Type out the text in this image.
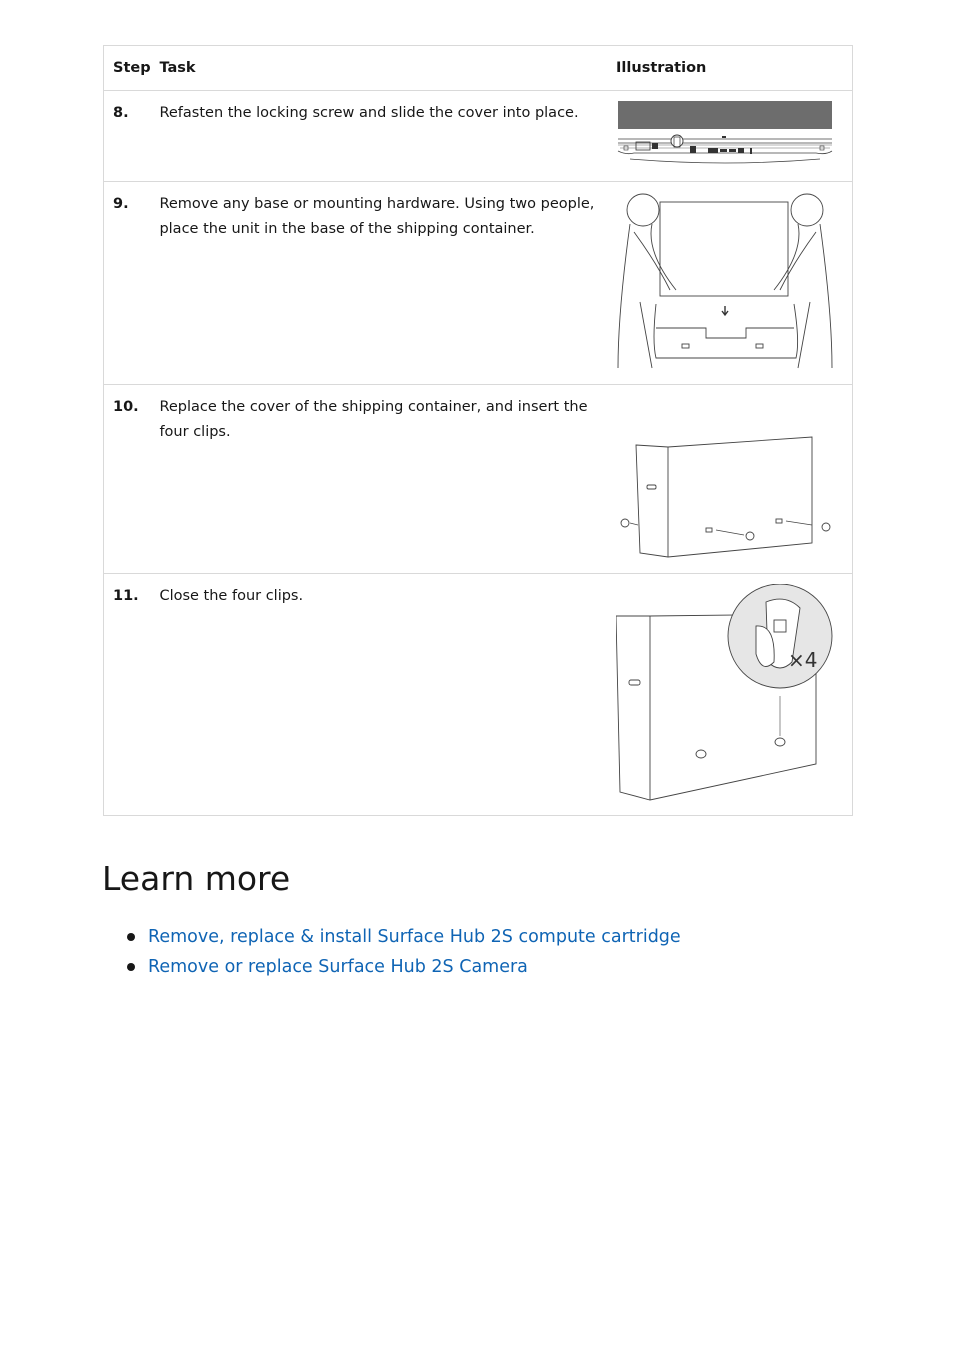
Step	Task	Illustration
8.	Refasten the locking screw and slide the cover into place.	

9.	Remove any base or mounting hardware. Using two people, place the unit in the base of the shipping container.	

10.	Replace the cover of the shipping container, and insert the four clips.	

11.	Close the four clips.	×4
Learn more
Remove, replace & install Surface Hub 2S compute cartridge
Remove or replace Surface Hub 2S Camera
